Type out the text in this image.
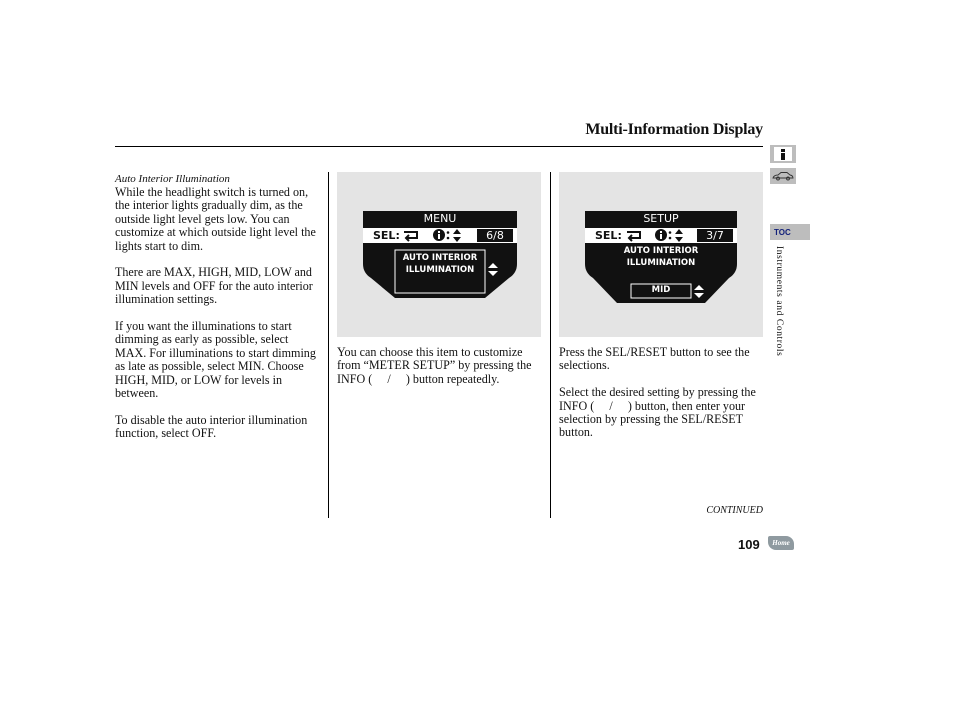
Multi-Information Display
Auto Interior Illumination

While the headlight switch is turned on, the interior lights gradually dim, as the outside light level gets low. You can customize at which outside light level the lights start to dim.

There are MAX, HIGH, MID, LOW and MIN levels and OFF for the auto interior illumination settings.

If you want the illuminations to start dimming as early as possible, select MAX. For illuminations to start dimming as late as possible, select MIN. Choose HIGH, MID, or LOW for levels in between.

To disable the auto interior illumination function, select OFF.

MENU
SEL:	6/8
AUTO INTERIOR
ILLUMINATION
You can choose this item to customize from “METER SETUP” by pressing the INFO (  /  ) button repeatedly.
SETUP
SEL:	3/7
AUTO INTERIOR
ILLUMINATION
MID

Press the SEL/RESET button to see the selections.

Select the desired setting by pressing the INFO (  /  ) button, then enter your selection by pressing the SEL/RESET button.

TOC
Instruments and Controls
CONTINUED
109 Home
